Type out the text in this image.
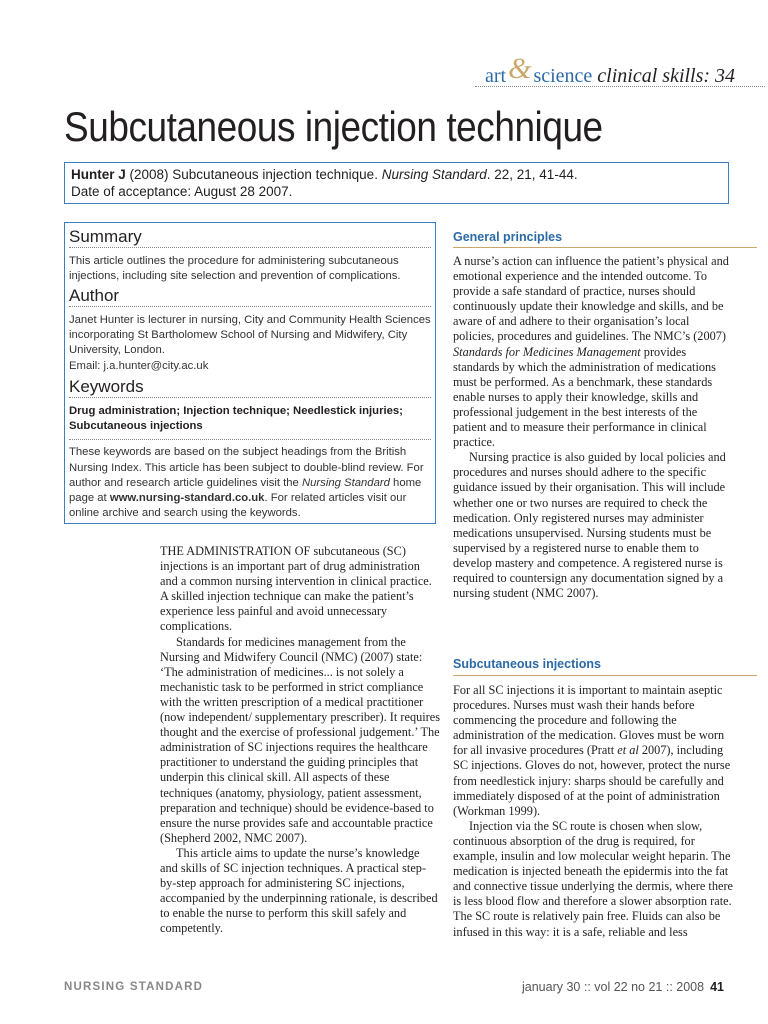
art& science clinical skills: 34
Subcutaneous injection technique
Hunter J (2008) Subcutaneous injection technique. Nursing Standard. 22, 21, 41-44.
Date of acceptance: August 28 2007.
Summary

This article outlines the procedure for administering subcutaneous injections, including site selection and prevention of complications.

Author

Janet Hunter is lecturer in nursing, City and Community Health Sciences incorporating St Bartholomew School of Nursing and Midwifery, City University, London.

Email: j.a.hunter@city.ac.uk

Keywords

Drug administration; Injection technique; Needlestick injuries; Subcutaneous injections

These keywords are based on the subject headings from the British Nursing Index. This article has been subject to double-blind review. For author and research article guidelines visit the Nursing Standard home page at www.nursing-standard.co.uk. For related articles visit our online archive and search using the keywords.

THE ADMINISTRATION OF subcutaneous (SC) injections is an important part of drug administration and a common nursing intervention in clinical practice. A skilled injection technique can make the patient’s experience less painful and avoid unnecessary complications.

Standards for medicines management from the Nursing and Midwifery Council (NMC) (2007) state: ‘The administration of medicines... is not solely a mechanistic task to be performed in strict compliance with the written prescription of a medical practitioner (now independent/ supplementary prescriber). It requires thought and the exercise of professional judgement.’ The administration of SC injections requires the healthcare practitioner to understand the guiding principles that underpin this clinical skill. All aspects of these techniques (anatomy, physiology, patient assessment, preparation and technique) should be evidence-based to ensure the nurse provides safe and accountable practice (Shepherd 2002, NMC 2007).

This article aims to update the nurse’s knowledge and skills of SC injection techniques. A practical step-by-step approach for administering SC injections, accompanied by the underpinning rationale, is described to enable the nurse to perform this skill safely and competently.

General principles

A nurse’s action can influence the patient’s physical and emotional experience and the intended outcome. To provide a safe standard of practice, nurses should continuously update their knowledge and skills, and be aware of and adhere to their organisation’s local policies, procedures and guidelines. The NMC’s (2007) Standards for Medicines Management provides standards by which the administration of medications must be performed. As a benchmark, these standards enable nurses to apply their knowledge, skills and professional judgement in the best interests of the patient and to measure their performance in clinical practice.

Nursing practice is also guided by local policies and procedures and nurses should adhere to the specific guidance issued by their organisation. This will include whether one or two nurses are required to check the medication. Only registered nurses may administer medications unsupervised. Nursing students must be supervised by a registered nurse to enable them to develop mastery and competence. A registered nurse is required to countersign any documentation signed by a nursing student (NMC 2007).

Subcutaneous injections

For all SC injections it is important to maintain aseptic procedures. Nurses must wash their hands before commencing the procedure and following the administration of the medication. Gloves must be worn for all invasive procedures (Pratt et al 2007), including SC injections. Gloves do not, however, protect the nurse from needlestick injury: sharps should be carefully and immediately disposed of at the point of administration (Workman 1999).

Injection via the SC route is chosen when slow, continuous absorption of the drug is required, for example, insulin and low molecular weight heparin. The medication is injected beneath the epidermis into the fat and connective tissue underlying the dermis, where there is less blood flow and therefore a slower absorption rate. The SC route is relatively pain free. Fluids can also be infused in this way: it is a safe, reliable and less

NURSING STANDARD	january 30 :: vol 22 no 21 :: 2008 41
